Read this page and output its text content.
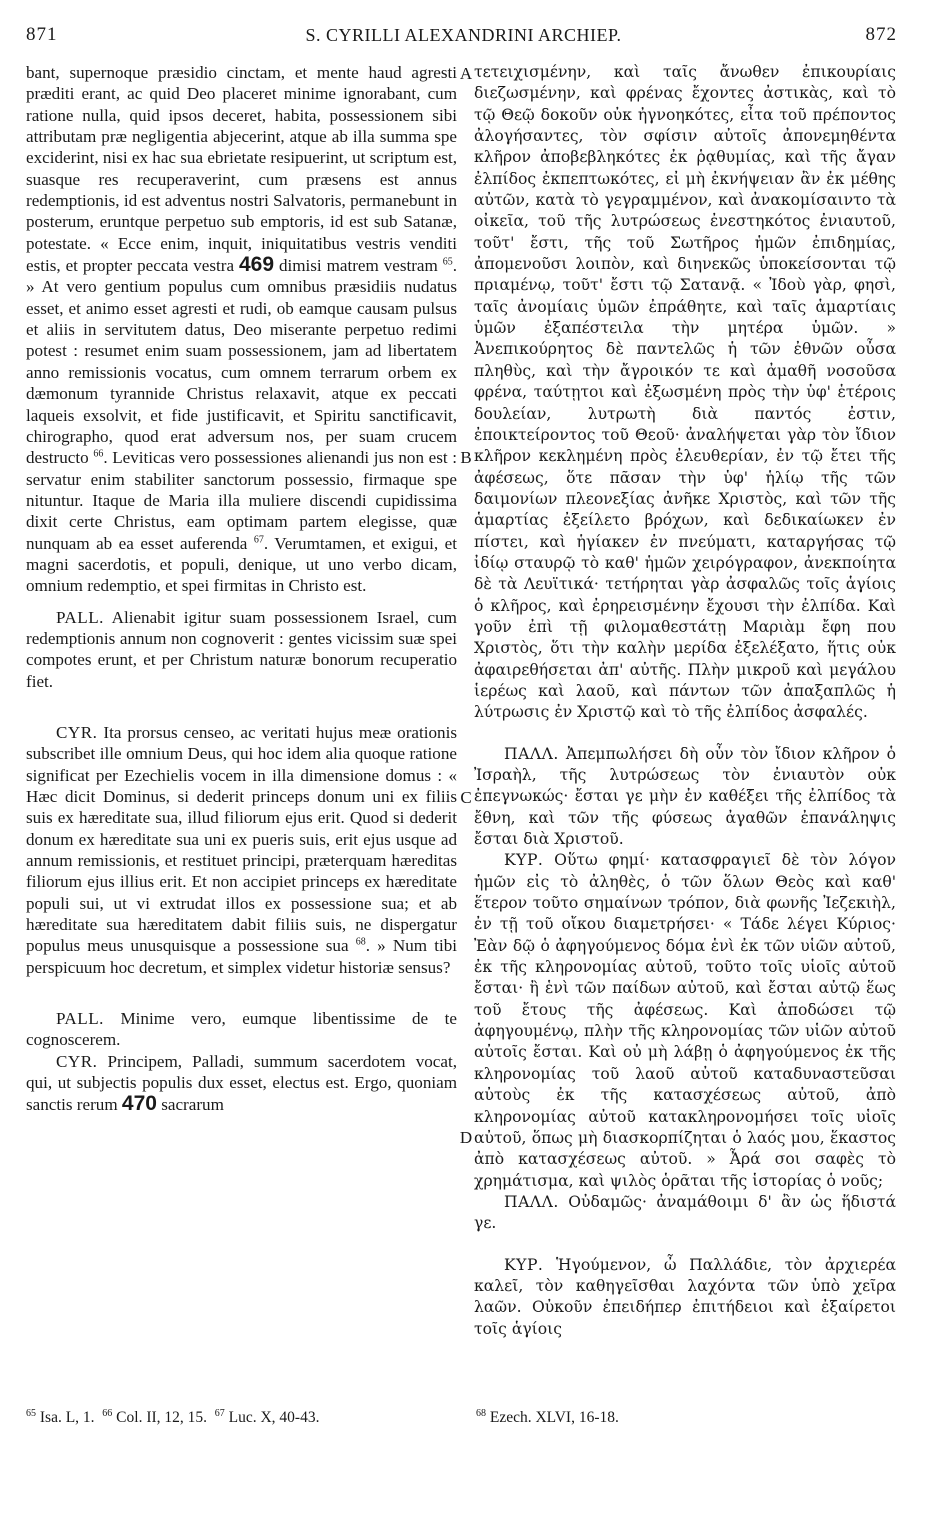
871	S. CYRILLI ALEXANDRINI ARCHIEP.	872
A
B
C
D

bant, supernoque præsidio cinctam, et mente haud agresti præditi erant, ac quid Deo placeret minime ignorabant, cum ratione nulla, quid ipsos deceret, habita, possessionem sibi attributam præ negligentia abjecerint, atque ab illa summa spe exciderint, nisi ex hac sua ebrietate resipuerint, ut scriptum est, suasque res recuperaverint, cum præsens est annus redemptionis, id est adventus nostri Salvatoris, permanebunt in posterum, eruntque perpetuo sub emptoris, id est sub Satanæ, potestate. « Ecce enim, inquit, iniquitatibus vestris venditi estis, et propter peccata vestra 469 dimisi matrem vestram $^{65}$. » At vero gentium populus cum omnibus præsidiis nudatus esset, et animo esset agresti et rudi, ob eamque causam pulsus et aliis in servitutem datus, Deo miserante perpetuo redimi potest : resumet enim suam possessionem, jam ad libertatem anno remissionis vocatus, cum omnem terrarum orbem ex dæmonum tyrannide Christus relaxavit, atque ex peccati laqueis exsolvit, et fide justificavit, et Spiritu sanctificavit, chirographo, quod erat adversum nos, per suam crucem destructo $^{66}$. Leviticas vero possessiones alienandi jus non est : servatur enim stabiliter sanctorum possessio, firmaque spe nituntur. Itaque de Maria illa muliere discendi cupidissima dixit certe Christus, eam optimam partem elegisse, quæ nunquam ab ea esset auferenda $^{67}$. Verumtamen, et exigui, et magni sacerdotis, et populi, denique, ut uno verbo dicam, omnium redemptio, et spei firmitas in Christo est.

PALL. Alienabit igitur suam possessionem Israel, cum redemptionis annum non cognoverit : gentes vicissim suæ spei compotes erunt, et per Christum naturæ bonorum recuperatio fiet.

CYR. Ita prorsus censeo, ac veritati hujus meæ orationis subscribet ille omnium Deus, qui hoc idem alia quoque ratione significat per Ezechielis vocem in illa dimensione domus : « Hæc dicit Dominus, si dederit princeps donum uni ex filiis suis ex hæreditate sua, illud filiorum ejus erit. Quod si dederit donum ex hæreditate sua uni ex pueris suis, erit ejus usque ad annum remissionis, et restituet principi, præterquam hæreditas filiorum ejus illius erit. Et non accipiet princeps ex hæreditate populi sui, ut vi extrudat illos ex possessione sua; et ab hæreditate sua hæreditatem dabit filiis suis, ne dispergatur populus meus unusquisque a possessione sua $^{68}$. » Num tibi perspicuum hoc decretum, et simplex videtur historiæ sensus?

PALL. Minime vero, eumque libentissime de te cognoscerem.

CYR. Principem, Palladi, summum sacerdotem vocat, qui, ut subjectis populis dux esset, electus est. Ergo, quoniam sanctis rerum 470 sacrarum

τετειχισμένην, καὶ ταῖς ἄνωθεν ἐπικουρίαις διεζωσμένην, καὶ φρένας ἔχοντες ἀστικὰς, καὶ τὸ τῷ Θεῷ δοκοῦν οὐκ ἠγνοηκότες, εἶτα τοῦ πρέποντος ἀλογήσαντες, τὸν σφίσιν αὐτοῖς ἀπονεμηθέντα κλῆρον ἀποβεβληκότες ἐκ ῥᾳθυμίας, καὶ τῆς ἄγαν ἐλπίδος ἐκπεπτωκότες, εἰ μὴ ἐκνήψειαν ἂν ἐκ μέθης αὐτῶν, κατὰ τὸ γεγραμμένον, καὶ ἀνακομίσαιντο τὰ οἰκεῖα, τοῦ τῆς λυτρώσεως ἐνεστηκότος ἐνιαυτοῦ, τοῦτ' ἔστι, τῆς τοῦ Σωτῆρος ἡμῶν ἐπιδημίας, ἀπομενοῦσι λοιπὸν, καὶ διηνεκῶς ὑποκείσονται τῷ πριαμένῳ, τοῦτ' ἔστι τῷ Σατανᾷ. « Ἰδοὺ γὰρ, φησὶ, ταῖς ἀνομίαις ὑμῶν ἐπράθητε, καὶ ταῖς ἁμαρτίαις ὑμῶν ἐξαπέστειλα τὴν μητέρα ὑμῶν. » Ἀνεπικούρητος δὲ παντελῶς ἡ τῶν ἐθνῶν οὖσα πληθὺς, καὶ τὴν ἄγροικόν τε καὶ ἀμαθῆ νοσοῦσα φρένα, ταύτῃτοι καὶ ἐξωσμένη πρὸς τὴν ὑφ' ἑτέροις δουλείαν, λυτρωτὴ διὰ παντός ἐστιν, ἐποικτείροντος τοῦ Θεοῦ· ἀναλήψεται γὰρ τὸν ἴδιον κλῆρον κεκλημένη πρὸς ἐλευθερίαν, ἐν τῷ ἔτει τῆς ἀφέσεως, ὅτε πᾶσαν τὴν ὑφ' ἡλίῳ τῆς τῶν δαιμονίων πλεονεξίας ἀνῆκε Χριστὸς, καὶ τῶν τῆς ἁμαρτίας ἐξείλετο βρόχων, καὶ δεδικαίωκεν ἐν πίστει, καὶ ἡγίακεν ἐν πνεύματι, καταργήσας τῷ ἰδίῳ σταυρῷ τὸ καθ' ἡμῶν χειρόγραφον, ἀνεκποίητα δὲ τὰ Λευϊτικά· τετήρηται γὰρ ἀσφαλῶς τοῖς ἁγίοις ὁ κλῆρος, καὶ ἐρηρεισμένην ἔχουσι τὴν ἐλπίδα. Καὶ γοῦν ἐπὶ τῇ φιλομαθεστάτῃ Μαριὰμ ἔφη που Χριστὸς, ὅτι τὴν καλὴν μερίδα ἐξελέξατο, ἥτις οὐκ ἀφαιρεθήσεται ἀπ' αὐτῆς. Πλὴν μικροῦ καὶ μεγάλου ἱερέως καὶ λαοῦ, καὶ πάντων τῶν ἀπαξαπλῶς ἡ λύτρωσις ἐν Χριστῷ καὶ τὸ τῆς ἐλπίδος ἀσφαλές.

ΠΑΛΛ. Ἀπεμπωλήσει δὴ οὖν τὸν ἴδιον κλῆρον ὁ Ἰσραὴλ, τῆς λυτρώσεως τὸν ἐνιαυτὸν οὐκ ἐπεγνωκώς· ἔσται γε μὴν ἐν καθέξει τῆς ἐλπίδος τὰ ἔθνη, καὶ τῶν τῆς φύσεως ἀγαθῶν ἐπανάληψις ἔσται διὰ Χριστοῦ.

ΚΥΡ. Οὕτω φημί· κατασφραγιεῖ δὲ τὸν λόγον ἡμῶν εἰς τὸ ἀληθὲς, ὁ τῶν ὅλων Θεὸς καὶ καθ' ἕτερον τοῦτο σημαίνων τρόπον, διὰ φωνῆς Ἰεζεκιὴλ, ἐν τῇ τοῦ οἴκου διαμετρήσει· « Τάδε λέγει Κύριος· Ἐὰν δῷ ὁ ἀφηγούμενος δόμα ἑνὶ ἐκ τῶν υἱῶν αὐτοῦ, ἐκ τῆς κληρονομίας αὐτοῦ, τοῦτο τοῖς υἱοῖς αὐτοῦ ἔσται· ἢ ἑνὶ τῶν παίδων αὐτοῦ, καὶ ἔσται αὐτῷ ἕως τοῦ ἔτους τῆς ἀφέσεως. Καὶ ἀποδώσει τῷ ἀφηγουμένῳ, πλὴν τῆς κληρονομίας τῶν υἱῶν αὐτοῦ αὐτοῖς ἔσται. Καὶ οὐ μὴ λάβῃ ὁ ἀφηγούμενος ἐκ τῆς κληρονομίας τοῦ λαοῦ αὐτοῦ καταδυναστεῦσαι αὐτοὺς ἐκ τῆς κατασχέσεως αὐτοῦ, ἀπὸ κληρονομίας αὐτοῦ κατακληρονομήσει τοῖς υἱοῖς αὐτοῦ, ὅπως μὴ διασκορπίζηται ὁ λαός μου, ἕκαστος ἀπὸ κατασχέσεως αὐτοῦ. » Ἆρά σοι σαφὲς τὸ χρημάτισμα, καὶ ψιλὸς ὁρᾶται τῆς ἱστορίας ὁ νοῦς;

ΠΑΛΛ. Οὐδαμῶς· ἀναμάθοιμι δ' ἂν ὡς ἥδιστά γε.

ΚΥΡ. Ἡγούμενον, ὦ Παλλάδιε, τὸν ἀρχιερέα καλεῖ, τὸν καθηγεῖσθαι λαχόντα τῶν ὑπὸ χεῖρα λαῶν. Οὐκοῦν ἐπειδήπερ ἐπιτήδειοι καὶ ἐξαίρετοι τοῖς ἁγίοις

$^{65}$ Isa. L, 1. $^{66}$ Col. II, 12, 15. $^{67}$ Luc. X, 40-43.	$^{68}$ Ezech. XLVI, 16-18.
